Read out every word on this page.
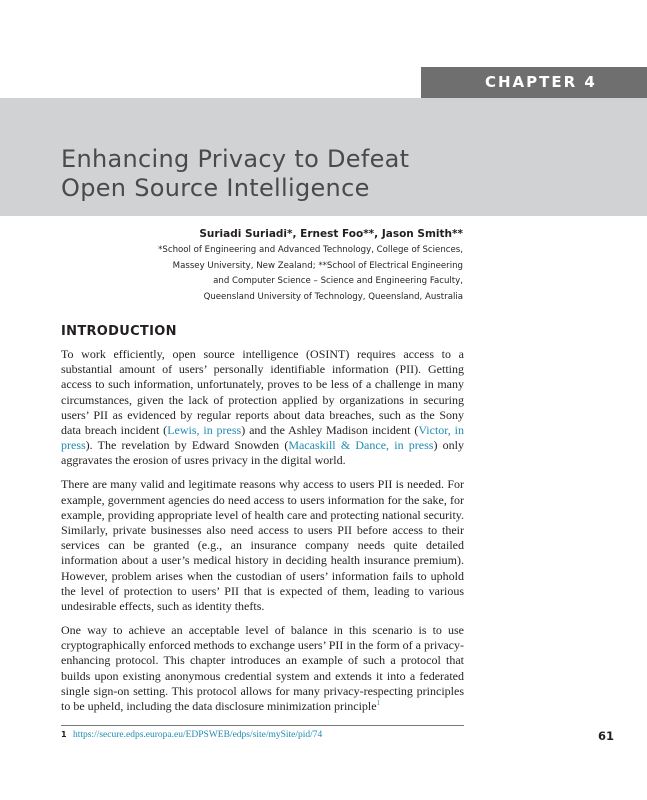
CHAPTER 4
Enhancing Privacy to Defeat
Open Source Intelligence
Suriadi Suriadi*, Ernest Foo**, Jason Smith**
*School of Engineering and Advanced Technology, College of Sciences,
Massey University, New Zealand; **School of Electrical Engineering
and Computer Science – Science and Engineering Faculty,
Queensland University of Technology, Queensland, Australia
INTRODUCTION

To work efficiently, open source intelligence (OSINT) requires access to a substantial amount of users’ personally identifiable information (PII). Getting access to such information, unfortunately, proves to be less of a challenge in many circumstances, given the lack of protection applied by organizations in securing users’ PII as evidenced by regular reports about data breaches, such as the Sony data breach incident (Lewis, in press) and the Ashley Madison incident (Victor, in press). The revelation by Edward Snowden (Macaskill & Dance, in press) only aggravates the erosion of usres privacy in the digital world.

There are many valid and legitimate reasons why access to users PII is needed. For example, government agencies do need access to users information for the sake, for example, providing appropriate level of health care and protecting national security. Similarly, private businesses also need access to users PII before access to their services can be granted (e.g., an insurance company needs quite detailed information about a user’s medical history in deciding health insurance premium). However, problem arises when the custodian of users’ information fails to uphold the level of protection to users’ PII that is expected of them, leading to various undesirable effects, such as identity thefts.

One way to achieve an acceptable level of balance in this scenario is to use cryptographically enforced methods to exchange users’ PII in the form of a privacy-enhancing protocol. This chapter introduces an example of such a protocol that builds upon existing anonymous credential system and extends it into a federated single sign-on setting. This protocol allows for many privacy-respecting principles to be upheld, including the data disclosure minimization principle$^1$

1 https://secure.edps.europa.eu/EDPSWEB/edps/site/mySite/pid/74	61
